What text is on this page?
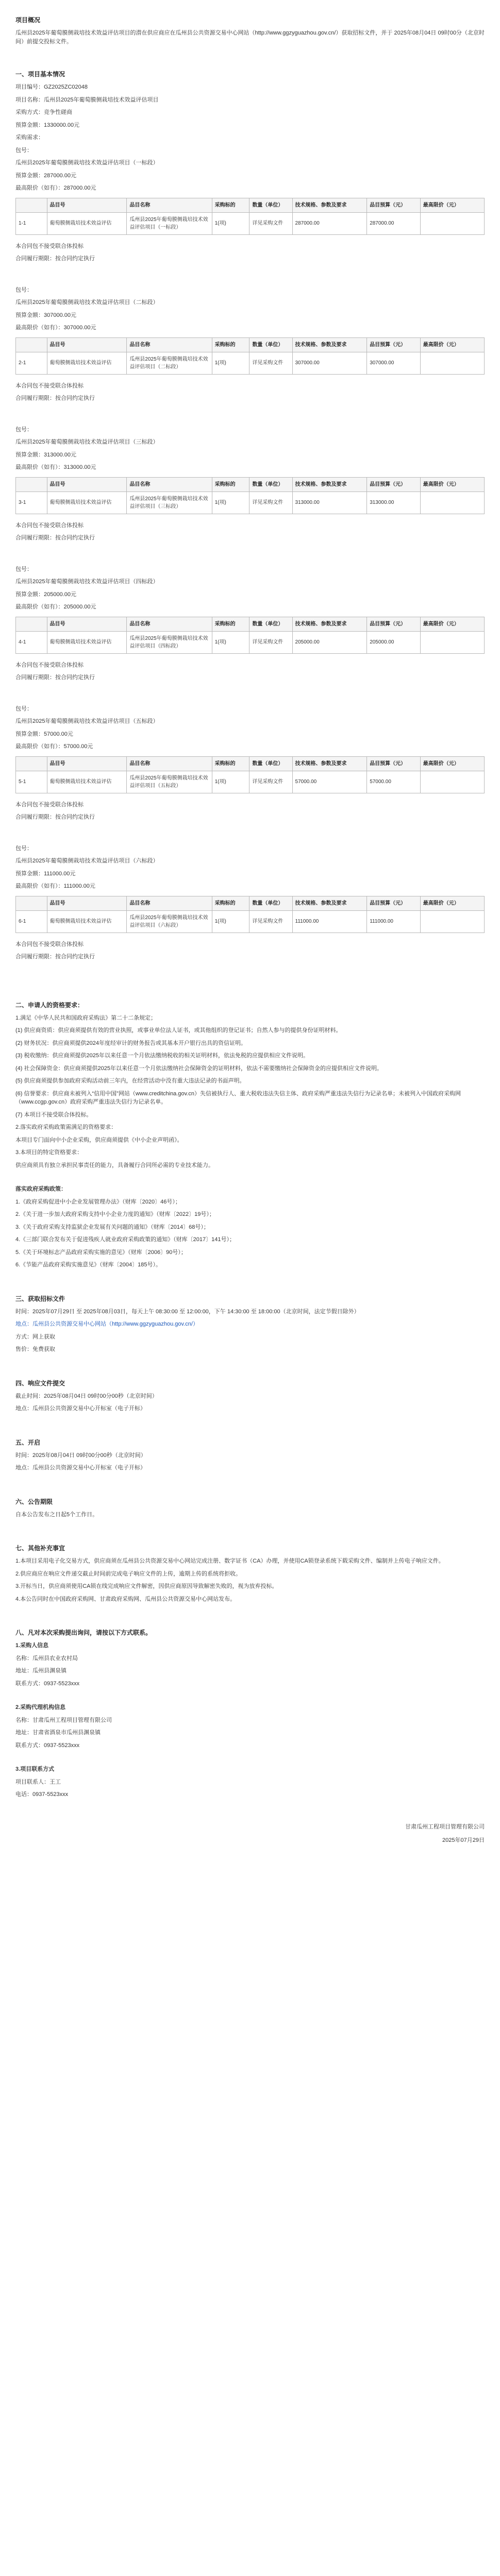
项目概况
瓜州县2025年葡萄膜侧栽培技术效益评估项目的潜在供应商应在瓜州县公共资源交易中心网站（http://www.ggzyguazhou.gov.cn/）获取招标文件，并于 2025年08月04日 09时00分（北京时间）前提交投标文件。
一、项目基本情况
项目编号：GZ2025ZC02048
项目名称：瓜州县2025年葡萄膜侧栽培技术效益评估项目
采购方式：竞争性磋商
预算金额：1330000.00元
采购需求：
包号：
瓜州县2025年葡萄膜侧栽培技术效益评估项目（一标段）
预算金额：287000.00元
最高限价（如有）：287000.00元
	品目号	品目名称	采购标的	数量（单位）	技术规格、参数及要求	品目预算（元）	最高限价（元）
1-1	葡萄膜侧栽培技术效益评估	瓜州县2025年葡萄膜侧栽培技术效益评估项目（一标段）	1(项)	详见采购文件	287000.00	287000.00	
本合同包不接受联合体投标
合同履行期限：按合同约定执行
包号：
瓜州县2025年葡萄膜侧栽培技术效益评估项目（二标段）
预算金额：307000.00元
最高限价（如有）：307000.00元
	品目号	品目名称	采购标的	数量（单位）	技术规格、参数及要求	品目预算（元）	最高限价（元）
2-1	葡萄膜侧栽培技术效益评估	瓜州县2025年葡萄膜侧栽培技术效益评估项目（二标段）	1(项)	详见采购文件	307000.00	307000.00	
本合同包不接受联合体投标
合同履行期限：按合同约定执行
包号：
瓜州县2025年葡萄膜侧栽培技术效益评估项目（三标段）
预算金额：313000.00元
最高限价（如有）：313000.00元
	品目号	品目名称	采购标的	数量（单位）	技术规格、参数及要求	品目预算（元）	最高限价（元）
3-1	葡萄膜侧栽培技术效益评估	瓜州县2025年葡萄膜侧栽培技术效益评估项目（三标段）	1(项)	详见采购文件	313000.00	313000.00	
本合同包不接受联合体投标
合同履行期限：按合同约定执行
包号：
瓜州县2025年葡萄膜侧栽培技术效益评估项目（四标段）
预算金额：205000.00元
最高限价（如有）：205000.00元
	品目号	品目名称	采购标的	数量（单位）	技术规格、参数及要求	品目预算（元）	最高限价（元）
4-1	葡萄膜侧栽培技术效益评估	瓜州县2025年葡萄膜侧栽培技术效益评估项目（四标段）	1(项)	详见采购文件	205000.00	205000.00	
本合同包不接受联合体投标
合同履行期限：按合同约定执行
包号：
瓜州县2025年葡萄膜侧栽培技术效益评估项目（五标段）
预算金额：57000.00元
最高限价（如有）：57000.00元
	品目号	品目名称	采购标的	数量（单位）	技术规格、参数及要求	品目预算（元）	最高限价（元）
5-1	葡萄膜侧栽培技术效益评估	瓜州县2025年葡萄膜侧栽培技术效益评估项目（五标段）	1(项)	详见采购文件	57000.00	57000.00	
本合同包不接受联合体投标
合同履行期限：按合同约定执行
包号：
瓜州县2025年葡萄膜侧栽培技术效益评估项目（六标段）
预算金额：111000.00元
最高限价（如有）：111000.00元
	品目号	品目名称	采购标的	数量（单位）	技术规格、参数及要求	品目预算（元）	最高限价（元）
6-1	葡萄膜侧栽培技术效益评估	瓜州县2025年葡萄膜侧栽培技术效益评估项目（六标段）	1(项)	详见采购文件	111000.00	111000.00	
本合同包不接受联合体投标
合同履行期限：按合同约定执行
二、申请人的资格要求：
1.满足《中华人民共和国政府采购法》第二十二条规定；
(1) 供应商资质：供应商须提供有效的营业执照，或事业单位法人证书，或其他组织的登记证书；自然人参与的提供身份证明材料。
(2) 财务状况：供应商须提供2024年度经审计的财务报告或其基本开户银行出具的资信证明。
(3) 税收缴纳：供应商须提供2025年以来任意一个月依法缴纳税收的相关证明材料，依法免税的应提供相应文件说明。
(4) 社会保障资金：供应商须提供2025年以来任意一个月依法缴纳社会保障资金的证明材料，依法不需要缴纳社会保障资金的应提供相应文件说明。
(5) 供应商须提供参加政府采购活动前三年内，在经营活动中没有重大违法记录的书面声明。
(6) 信誉要求：供应商未被列入“信用中国”网站（www.creditchina.gov.cn）失信被执行人、重大税收违法失信主体、政府采购严重违法失信行为记录名单；未被列入中国政府采购网（www.ccgp.gov.cn）政府采购严重违法失信行为记录名单。
(7) 本项目不接受联合体投标。
2.落实政府采购政策需满足的资格要求：
本项目专门面向中小企业采购，供应商须提供《中小企业声明函》。
3.本项目的特定资格要求：
供应商须具有独立承担民事责任的能力，具备履行合同所必需的专业技术能力。
落实政府采购政策：
1.《政府采购促进中小企业发展管理办法》（财库〔2020〕46号）；
2.《关于进一步加大政府采购支持中小企业力度的通知》（财库〔2022〕19号）；
3.《关于政府采购支持监狱企业发展有关问题的通知》（财库〔2014〕68号）；
4.《三部门联合发布关于促进残疾人就业政府采购政策的通知》（财库〔2017〕141号）；
5.《关于环境标志产品政府采购实施的意见》（财库〔2006〕90号）；
6.《节能产品政府采购实施意见》（财库〔2004〕185号）。
三、获取招标文件
时间：2025年07月29日 至 2025年08月03日，每天上午 08:30:00 至 12:00:00，下午 14:30:00 至 18:00:00（北京时间，法定节假日除外）
地点：瓜州县公共资源交易中心网站（http://www.ggzyguazhou.gov.cn/）
方式：网上获取
售价：免费获取
四、响应文件提交
截止时间：2025年08月04日 09时00分00秒（北京时间）
地点：瓜州县公共资源交易中心开标室（电子开标）
五、开启
时间：2025年08月04日 09时00分00秒（北京时间）
地点：瓜州县公共资源交易中心开标室（电子开标）
六、公告期限
自本公告发布之日起5个工作日。
七、其他补充事宜
1.本项目采用电子化交易方式，供应商须在瓜州县公共资源交易中心网站完成注册、数字证书（CA）办理，并使用CA锁登录系统下载采购文件、编制并上传电子响应文件。
2.供应商应在响应文件递交截止时间前完成电子响应文件的上传，逾期上传的系统将拒收。
3.开标当日，供应商须使用CA锁在线完成响应文件解密，因供应商原因导致解密失败的，视为放弃投标。
4.本公告同时在中国政府采购网、甘肃政府采购网、瓜州县公共资源交易中心网站发布。
八、凡对本次采购提出询问，请按以下方式联系。
1.采购人信息
名称：瓜州县农业农村局
地址：瓜州县渊泉镇
联系方式：0937-5523xxx
2.采购代理机构信息
名称：甘肃瓜州工程项目管理有限公司
地址：甘肃省酒泉市瓜州县渊泉镇
联系方式：0937-5523xxx
3.项目联系方式
项目联系人：王工
电话：0937-5523xxx
甘肃瓜州工程项目管理有限公司
2025年07月29日
